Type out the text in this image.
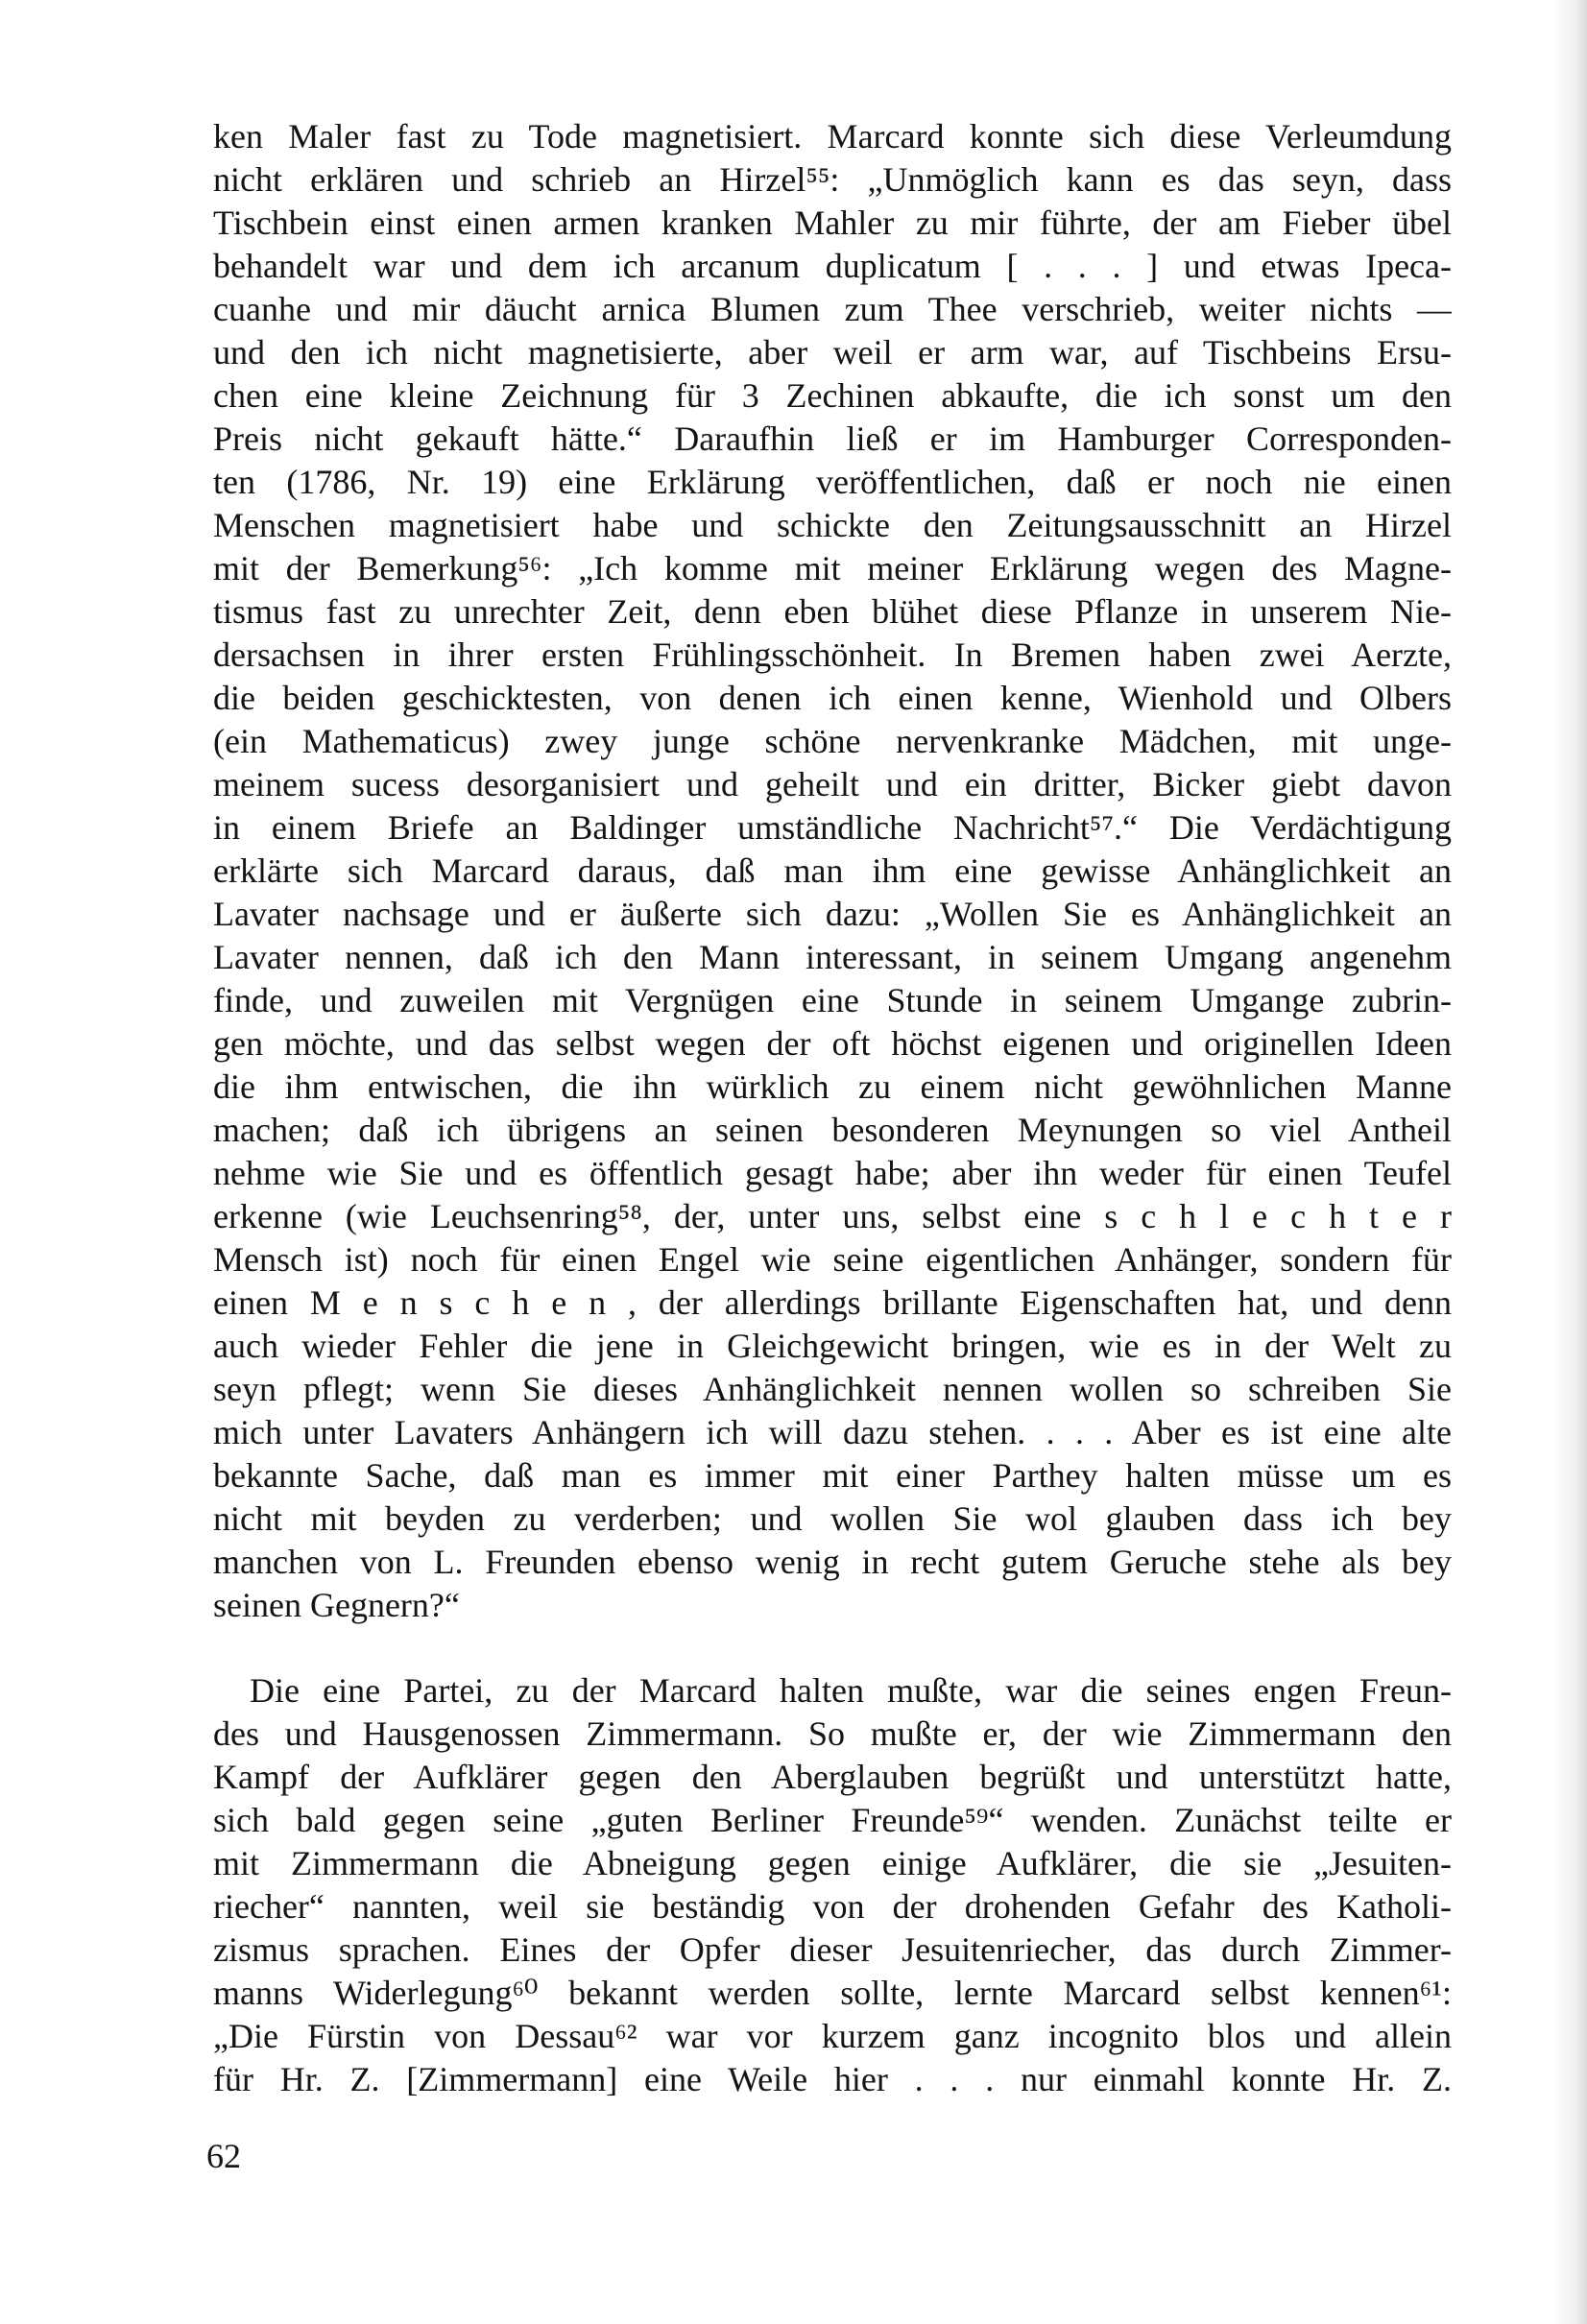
ken Maler fast zu Tode magnetisiert. Marcard konnte sich diese Verleumdung
nicht erklären und schrieb an Hirzel⁵⁵: „Unmöglich kann es das seyn, dass
Tischbein einst einen armen kranken Mahler zu mir führte, der am Fieber übel
behandelt war und dem ich arcanum duplicatum [ . . . ] und etwas Ipeca-
cuanhe und mir däucht arnica Blumen zum Thee verschrieb, weiter nichts —
und den ich nicht magnetisierte, aber weil er arm war, auf Tischbeins Ersu-
chen eine kleine Zeichnung für 3 Zechinen abkaufte, die ich sonst um den
Preis nicht gekauft hätte.“ Daraufhin ließ er im Hamburger Corresponden-
ten (1786, Nr. 19) eine Erklärung veröffentlichen, daß er noch nie einen
Menschen magnetisiert habe und schickte den Zeitungsausschnitt an Hirzel
mit der Bemerkung⁵⁶: „Ich komme mit meiner Erklärung wegen des Magne-
tismus fast zu unrechter Zeit, denn eben blühet diese Pflanze in unserem Nie-
dersachsen in ihrer ersten Frühlingsschönheit. In Bremen haben zwei Aerzte,
die beiden geschicktesten, von denen ich einen kenne, Wienhold und Olbers
(ein Mathematicus) zwey junge schöne nervenkranke Mädchen, mit unge-
meinem sucess desorganisiert und geheilt und ein dritter, Bicker giebt davon
in einem Briefe an Baldinger umständliche Nachricht⁵⁷.“ Die Verdächtigung
erklärte sich Marcard daraus, daß man ihm eine gewisse Anhänglichkeit an
Lavater nachsage und er äußerte sich dazu: „Wollen Sie es Anhänglichkeit an
Lavater nennen, daß ich den Mann interessant, in seinem Umgang angenehm
finde, und zuweilen mit Vergnügen eine Stunde in seinem Umgange zubrin-
gen möchte, und das selbst wegen der oft höchst eigenen und originellen Ideen
die ihm entwischen, die ihn würklich zu einem nicht gewöhnlichen Manne
machen; daß ich übrigens an seinen besonderen Meynungen so viel Antheil
nehme wie Sie und es öffentlich gesagt habe; aber ihn weder für einen Teufel
erkenne (wie Leuchsenring⁵⁸, der, unter uns, selbst eine s c h l e c h t e r
Mensch ist) noch für einen Engel wie seine eigentlichen Anhänger, sondern für
einen M e n s c h e n , der allerdings brillante Eigenschaften hat, und denn
auch wieder Fehler die jene in Gleichgewicht bringen, wie es in der Welt zu
seyn pflegt; wenn Sie dieses Anhänglichkeit nennen wollen so schreiben Sie
mich unter Lavaters Anhängern ich will dazu stehen. . . . Aber es ist eine alte
bekannte Sache, daß man es immer mit einer Parthey halten müsse um es
nicht mit beyden zu verderben; und wollen Sie wol glauben dass ich bey
manchen von L. Freunden ebenso wenig in recht gutem Geruche stehe als bey
seinen Gegnern?“
Die eine Partei, zu der Marcard halten mußte, war die seines engen Freun-
des und Hausgenossen Zimmermann. So mußte er, der wie Zimmermann den
Kampf der Aufklärer gegen den Aberglauben begrüßt und unterstützt hatte,
sich bald gegen seine „guten Berliner Freunde⁵⁹“ wenden. Zunächst teilte er
mit Zimmermann die Abneigung gegen einige Aufklärer, die sie „Jesuiten-
riecher“ nannten, weil sie beständig von der drohenden Gefahr des Katholi-
zismus sprachen. Eines der Opfer dieser Jesuitenriecher, das durch Zimmer-
manns Widerlegung⁶⁰ bekannt werden sollte, lernte Marcard selbst kennen⁶¹:
„Die Fürstin von Dessau⁶² war vor kurzem ganz incognito blos und allein
für Hr. Z. [Zimmermann] eine Weile hier . . . nur einmahl konnte Hr. Z.
62
